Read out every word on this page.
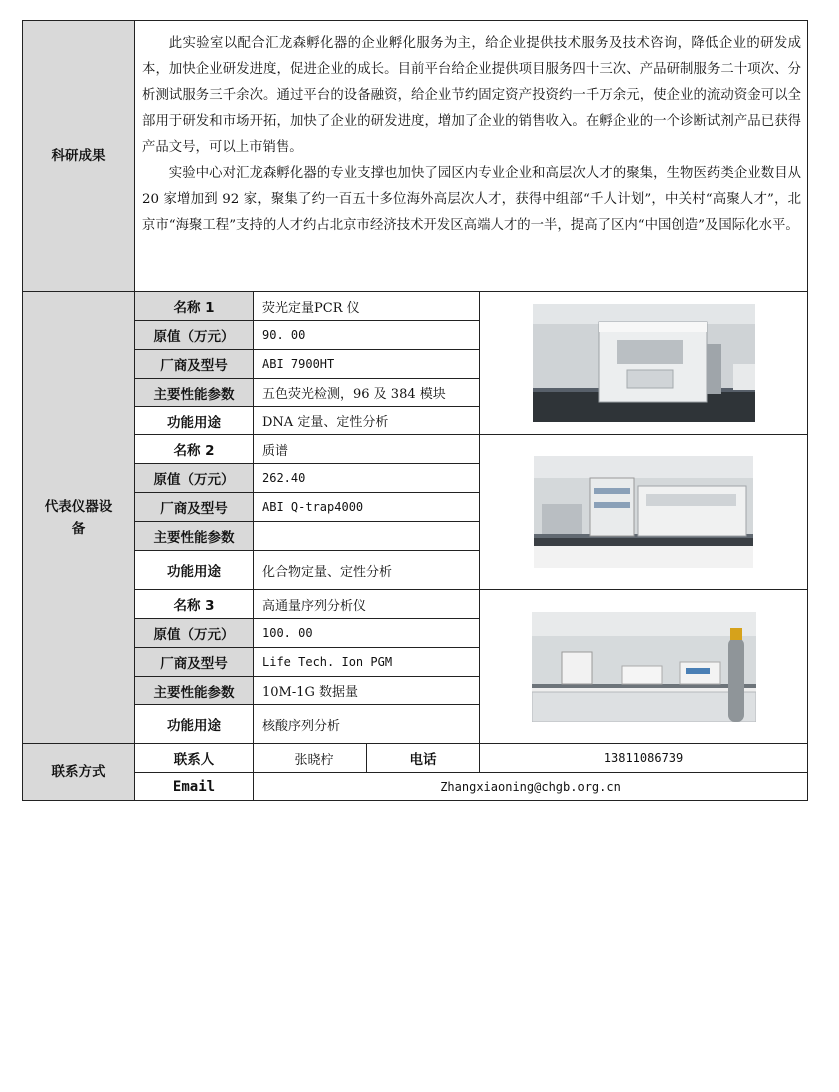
科研成果	此实验室以配合汇龙森孵化器的企业孵化服务为主，给企业提供技术服务及技术咨询，降低企业的研发成本，加快企业研发进度，促进企业的成长。目前平台给企业提供项目服务四十三次、产品研制服务二十项次、分析测试服务三千余次。通过平台的设备融资，给企业节约固定资产投资约一千万余元，使企业的流动资金可以全部用于研发和市场开拓，加快了企业的研发进度，增加了企业的销售收入。在孵企业的一个诊断试剂产品已获得产品文号，可以上市销售。

实验中心对汇龙森孵化器的专业支撑也加快了园区内专业企业和高层次人才的聚集，生物医药类企业数目从 20 家增加到 92 家，聚集了约一百五十多位海外高层次人才，获得中组部“千人计划”，中关村“高聚人才”，北京市“海聚工程”支持的人才约占北京市经济技术开发区高端人才的一半，提高了区内“中国创造”及国际化水平。			

代表仪器设备	名称 1	荧光定量PCR 仪	

	原值（万元）	90. 00		
	厂商及型号	ABI 7900HT		
	主要性能参数	五色荧光检测，96 及 384 模块		
	功能用途	DNA 定量、定性分析		
	名称 2	质谱	

	原值（万元）	262.40		
	厂商及型号	ABI Q-trap4000		
	主要性能参数			
	功能用途	化合物定量、定性分析		
	名称 3	高通量序列分析仪	

	原值（万元）	100. 00		
	厂商及型号	Life Tech. Ion PGM		
	主要性能参数	10M-1G 数据量		
	功能用途	核酸序列分析		
联系方式	联系人	张晓柠	电话	13811086739
	Email	Zhangxiaoning@chgb.org.cn		
